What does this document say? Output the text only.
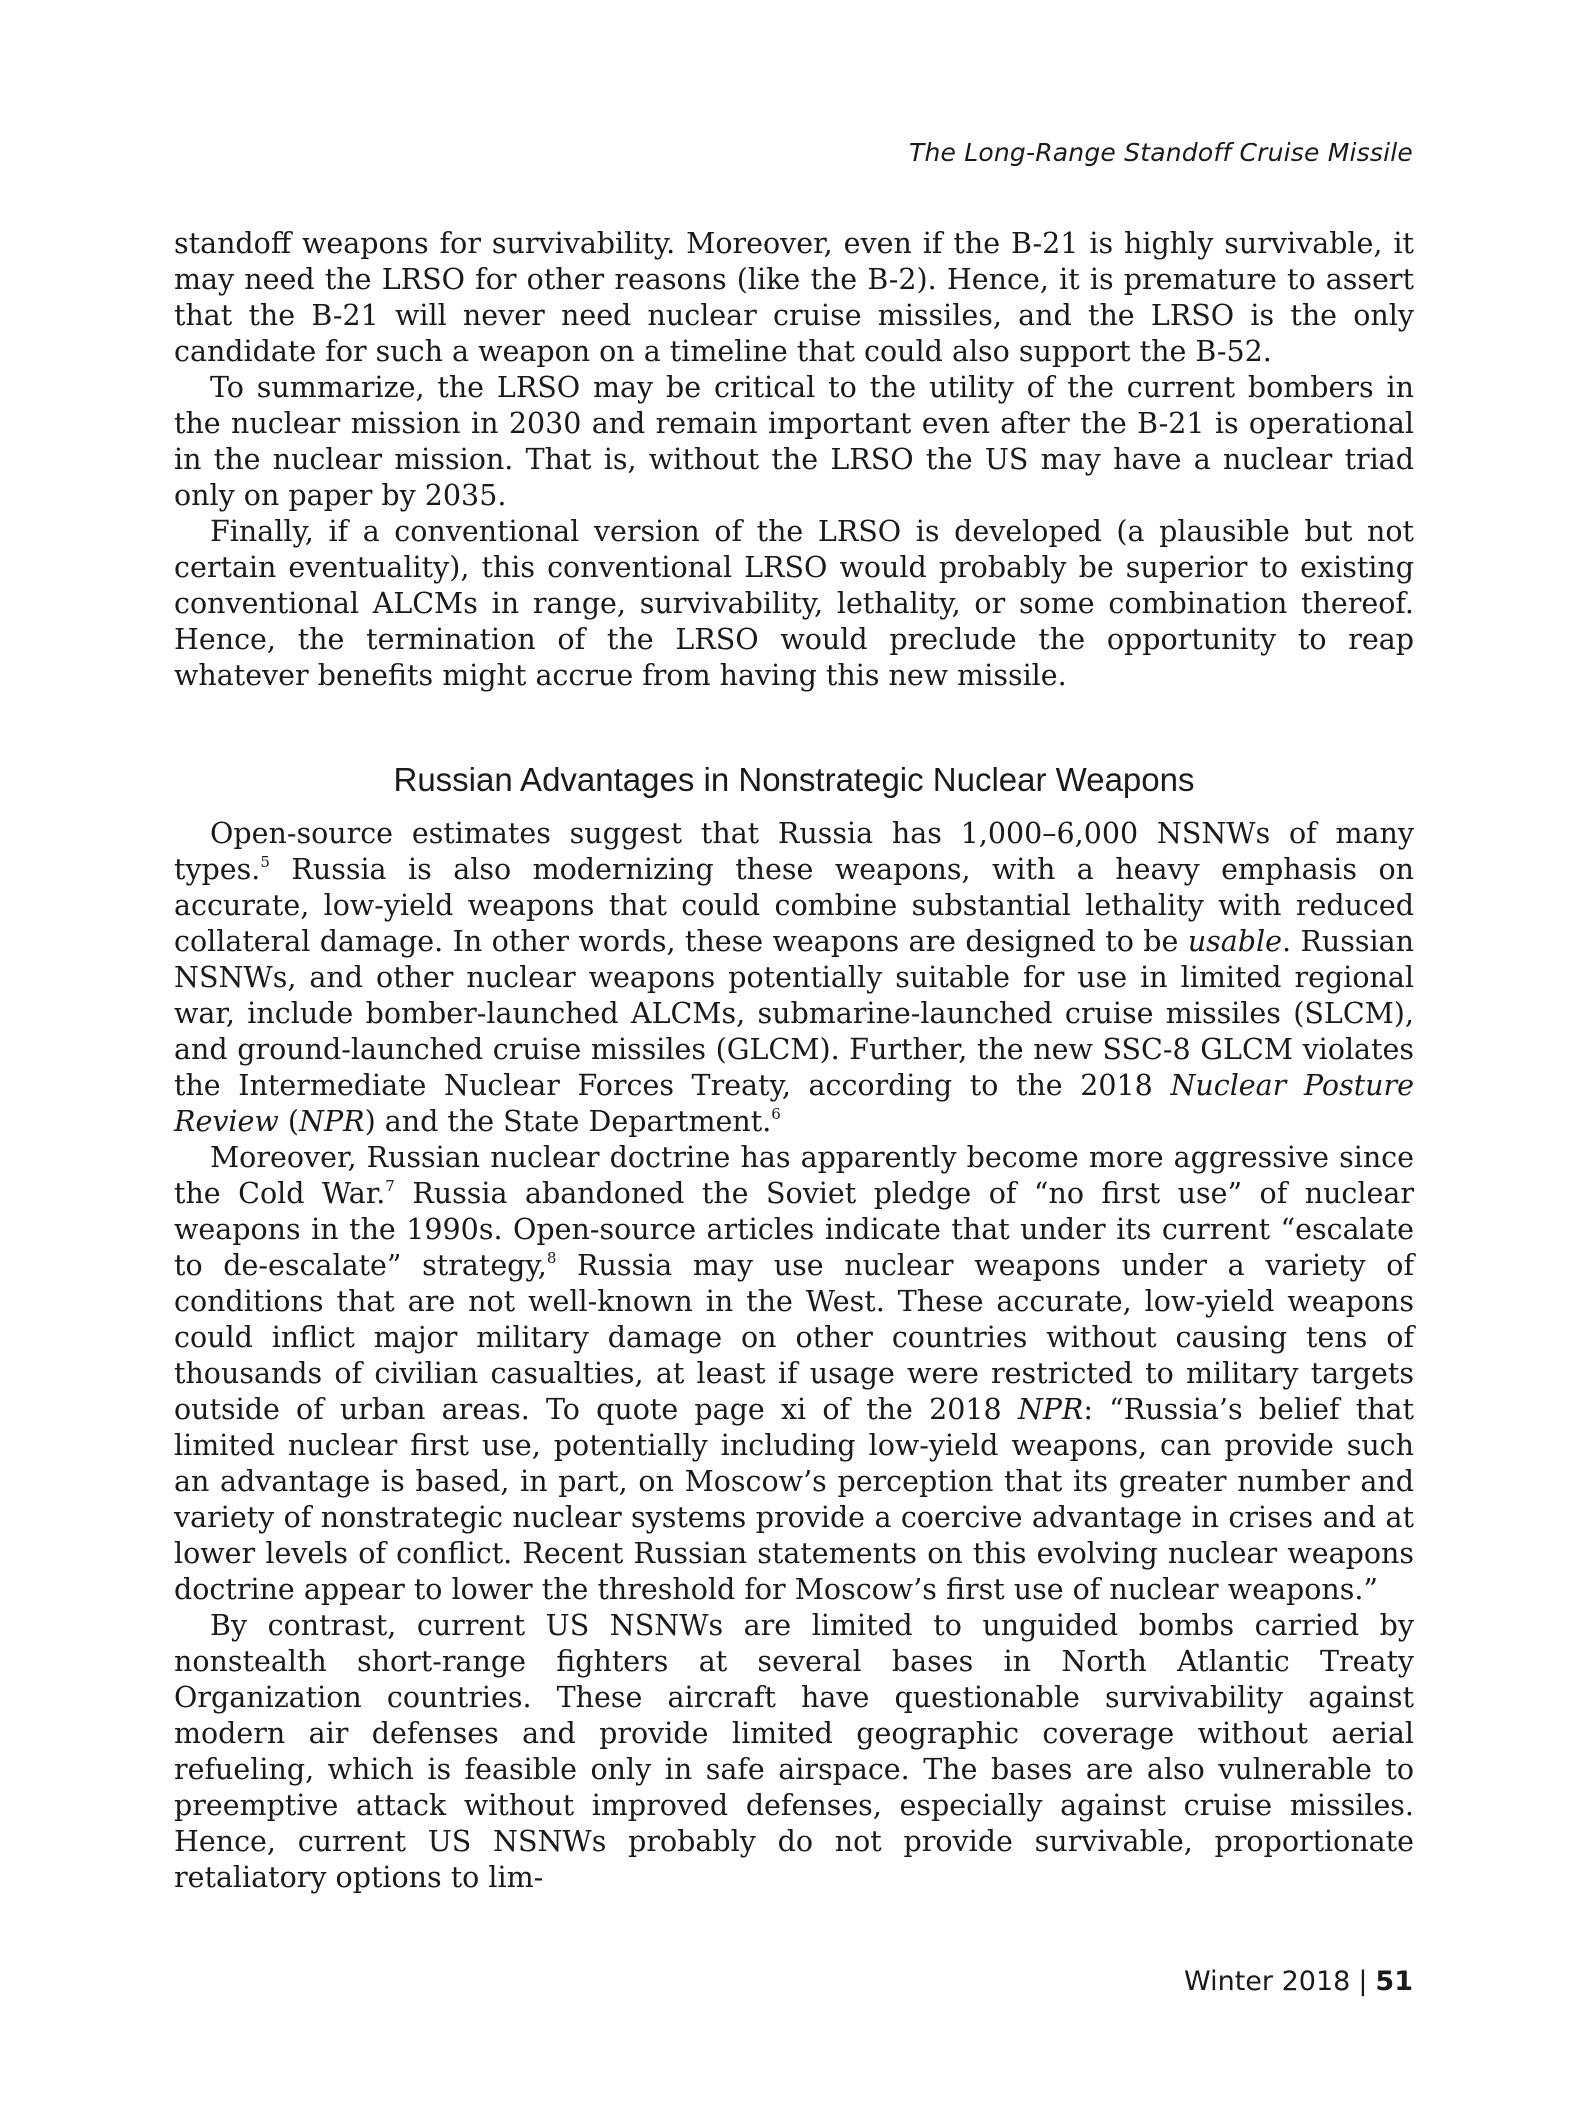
The Long-Range Standoff Cruise Missile

standoff weapons for survivability. Moreover, even if the B-21 is highly survivable, it may need the LRSO for other reasons (like the B-2). Hence, it is premature to assert that the B-21 will never need nuclear cruise missiles, and the LRSO is the only candidate for such a weapon on a timeline that could also support the B-52.

To summarize, the LRSO may be critical to the utility of the current bombers in the nuclear mission in 2030 and remain important even after the B-21 is operational in the nuclear mission. That is, without the LRSO the US may have a nuclear triad only on paper by 2035.

Finally, if a conventional version of the LRSO is developed (a plausible but not certain eventuality), this conventional LRSO would probably be superior to existing conventional ALCMs in range, survivability, lethality, or some combination thereof. Hence, the termination of the LRSO would preclude the opportunity to reap whatever benefits might accrue from having this new missile.

Russian Advantages in Nonstrategic Nuclear Weapons

Open-source estimates suggest that Russia has 1,000–6,000 NSNWs of many types.$^5$ Russia is also modernizing these weapons, with a heavy emphasis on accurate, low-yield weapons that could combine substantial lethality with reduced collateral damage. In other words, these weapons are designed to be usable. Russian NSNWs, and other nuclear weapons potentially suitable for use in limited regional war, include bomber-launched ALCMs, submarine-launched cruise missiles (SLCM), and ground-launched cruise missiles (GLCM). Further, the new SSC-8 GLCM violates the Intermediate Nuclear Forces Treaty, according to the 2018 Nuclear Posture Review (NPR) and the State Department.$^6$

Moreover, Russian nuclear doctrine has apparently become more aggressive since the Cold War.$^7$ Russia abandoned the Soviet pledge of “no first use” of nuclear weapons in the 1990s. Open-source articles indicate that under its current “escalate to de-escalate” strategy,$^8$ Russia may use nuclear weapons under a variety of conditions that are not well-known in the West. These accurate, low-yield weapons could inflict major military damage on other countries without causing tens of thousands of civilian casualties, at least if usage were restricted to military targets outside of urban areas. To quote page xi of the 2018 NPR: “Russia’s belief that limited nuclear first use, potentially including low-yield weapons, can provide such an advantage is based, in part, on Moscow’s perception that its greater number and variety of nonstrategic nuclear systems provide a coercive advantage in crises and at lower levels of conflict. Recent Russian statements on this evolving nuclear weapons doctrine appear to lower the threshold for Moscow’s first use of nuclear weapons.”

By contrast, current US NSNWs are limited to unguided bombs carried by nonstealth short-range fighters at several bases in North Atlantic Treaty Organization countries. These aircraft have questionable survivability against modern air defenses and provide limited geographic coverage without aerial refueling, which is feasible only in safe airspace. The bases are also vulnerable to preemptive attack without improved defenses, especially against cruise missiles. Hence, current US NSNWs probably do not provide survivable, proportionate retaliatory options to lim-

Winter 2018 | 51
